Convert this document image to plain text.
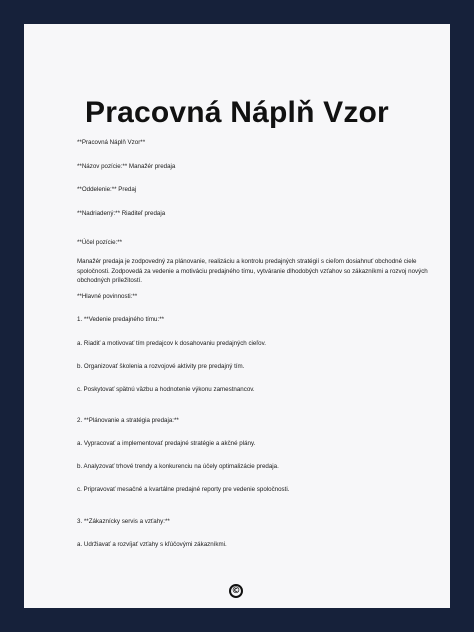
Pracovná Náplň Vzor
**Pracovná Náplň Vzor**
**Názov pozície:** Manažér predaja
**Oddelenie:** Predaj
**Nadriadený:** Riaditeľ predaja
**Účel pozície:**
Manažér predaja je zodpovedný za plánovanie, realizáciu a kontrolu predajných stratégií s cieľom dosiahnuť obchodné ciele spoločnosti. Zodpovedá za vedenie a motiváciu predajného tímu, vytváranie dlhodobých vzťahov so zákazníkmi a rozvoj nových obchodných príležitostí.
**Hlavné povinnosti:**
1. **Vedenie predajného tímu:**
a. Riadiť a motivovať tím predajcov k dosahovaniu predajných cieľov.
b. Organizovať školenia a rozvojové aktivity pre predajný tím.
c. Poskytovať spätnú väzbu a hodnotenie výkonu zamestnancov.
2. **Plánovanie a stratégia predaja:**
a. Vypracovať a implementovať predajné stratégie a akčné plány.
b. Analyzovať trhové trendy a konkurenciu na účely optimalizácie predaja.
c. Pripravovať mesačné a kvartálne predajné reporty pre vedenie spoločnosti.
3. **Zákaznícky servis a vzťahy:**
a. Udržiavať a rozvíjať vzťahy s kľúčovými zákazníkmi.
©
